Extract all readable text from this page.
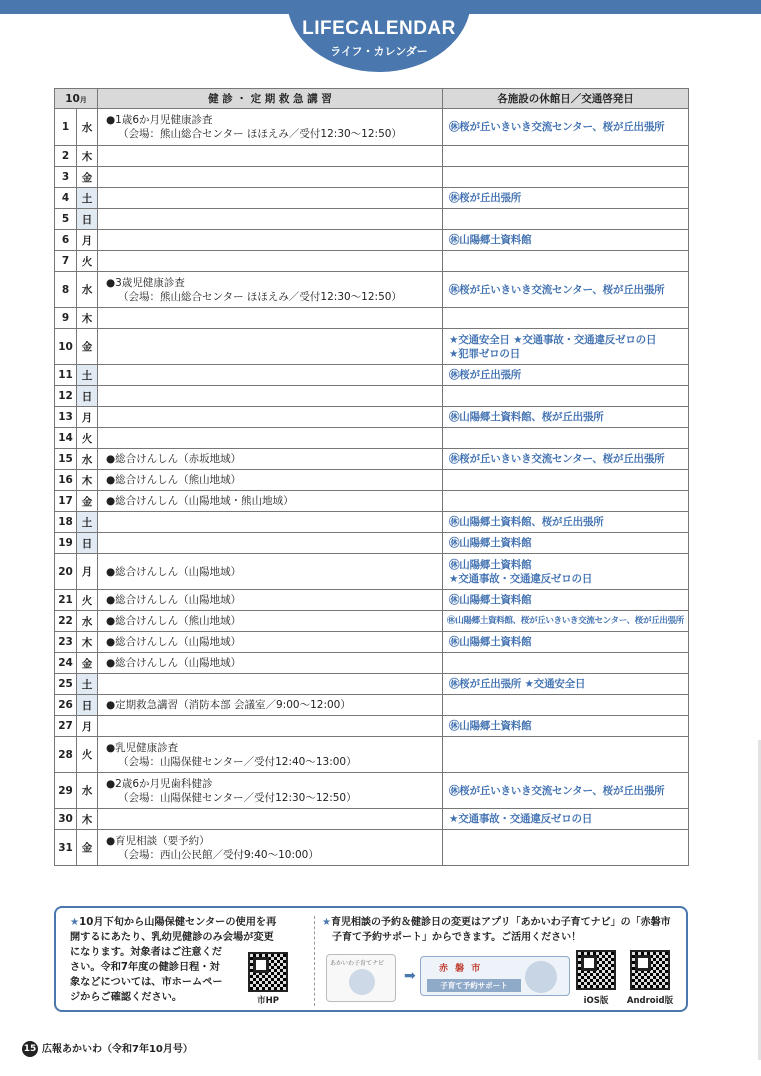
LIFECALENDAR
ライフ・カレンダー
10月		健 診 ・ 定 期 救 急 講 習	各施設の休館日／交通啓発日
1	水	●1歳6か月児健康診査
（会場：熊山総合センター ほほえみ／受付12:30～12:50）	㊡桜が丘いきいき交流センター、桜が丘出張所

2	木	

3	金	

4	土		㊡桜が丘出張所

5	日	

6	月		㊡山陽郷土資料館

7	火	

8	水	●3歳児健康診査
（会場：熊山総合センター ほほえみ／受付12:30～12:50）	㊡桜が丘いきいき交流センター、桜が丘出張所

9	木	

10	金		★交通安全日 ★交通事故・交通違反ゼロの日
★犯罪ゼロの日

11	土		㊡桜が丘出張所

12	日	

13	月		㊡山陽郷土資料館、桜が丘出張所

14	火	

15	水	●総合けんしん（赤坂地域）	㊡桜が丘いきいき交流センター、桜が丘出張所

16	木	●総合けんしん（熊山地域）	

17	金	●総合けんしん（山陽地域・熊山地域）	

18	土		㊡山陽郷土資料館、桜が丘出張所

19	日		㊡山陽郷土資料館

20	月	●総合けんしん（山陽地域）	㊡山陽郷土資料館
★交通事故・交通違反ゼロの日

21	火	●総合けんしん（山陽地域）	㊡山陽郷土資料館

22	水	●総合けんしん（熊山地域）	㊡山陽郷土資料館、桜が丘いきいき交流センター、桜が丘出張所

23	木	●総合けんしん（山陽地域）	㊡山陽郷土資料館

24	金	●総合けんしん（山陽地域）	

25	土		㊡桜が丘出張所 ★交通安全日

26	日	●定期救急講習（消防本部 会議室／9:00～12:00）	

27	月		㊡山陽郷土資料館

28	火	●乳児健康診査
（会場：山陽保健センター／受付12:40～13:00）	

29	水	●2歳6か月児歯科健診
（会場：山陽保健センター／受付12:30～12:50）	㊡桜が丘いきいき交流センター、桜が丘出張所

30	木		★交通事故・交通違反ゼロの日

31	金	●育児相談（要予約）
（会場：西山公民館／受付9:40～10:00）	

★10月下旬から山陽保健センターの使用を再
開するにあたり、乳幼児健診のみ会場が変更
になります。対象者はご注意くだ
さい。令和7年度の健診日程・対
象などについては、市ホームペー
ジからご確認ください。	市HP
★育児相談の予約＆健診日の変更はアプリ「あかいわ子育てナビ」の「赤磐市
子育て予約サポート」からできます。ご活用ください！
あかいわ子育てナビ
➡	赤 磐 市
子育て予約サポート
iOS版	Android版
15 広報あかいわ（令和7年10月号）
